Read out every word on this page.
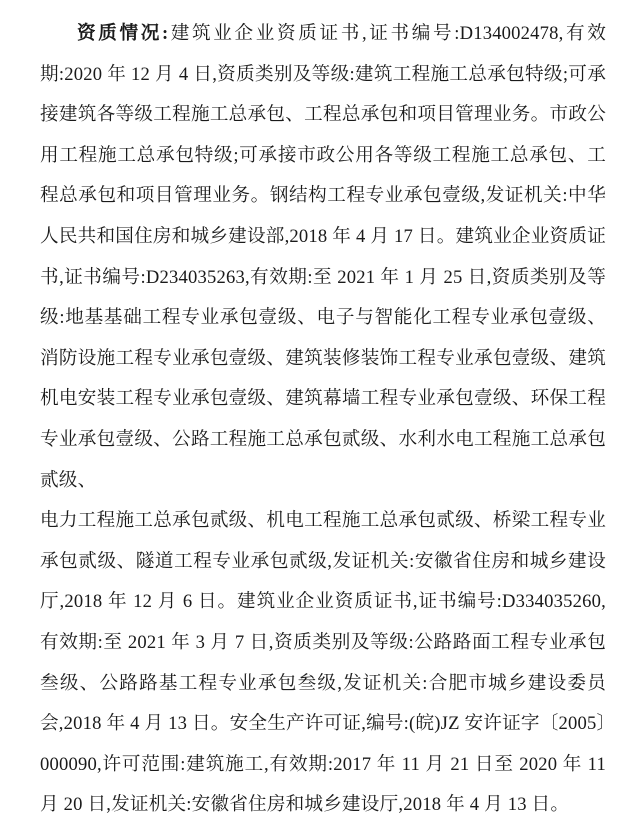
资质情况:建筑业企业资质证书,证书编号:D134002478,有效期:2020 年 12 月 4 日,资质类别及等级:建筑工程施工总承包特级;可承接建筑各等级工程施工总承包、工程总承包和项目管理业务。市政公用工程施工总承包特级;可承接市政公用各等级工程施工总承包、工程总承包和项目管理业务。钢结构工程专业承包壹级,发证机关:中华人民共和国住房和城乡建设部,2018 年 4 月 17 日。建筑业企业资质证书,证书编号:D234035263,有效期:至 2021 年 1 月 25 日,资质类别及等级:地基基础工程专业承包壹级、电子与智能化工程专业承包壹级、消防设施工程专业承包壹级、建筑装修装饰工程专业承包壹级、建筑机电安装工程专业承包壹级、建筑幕墙工程专业承包壹级、环保工程专业承包壹级、公路工程施工总承包贰级、水利水电工程施工总承包贰级、

电力工程施工总承包贰级、机电工程施工总承包贰级、桥梁工程专业承包贰级、隧道工程专业承包贰级,发证机关:安徽省住房和城乡建设厅,2018 年 12 月 6 日。建筑业企业资质证书,证书编号:D334035260,有效期:至 2021 年 3 月 7 日,资质类别及等级:公路路面工程专业承包叁级、公路路基工程专业承包叁级,发证机关:合肥市城乡建设委员会,2018 年 4 月 13 日。安全生产许可证,编号:(皖)JZ 安许证字〔2005〕000090,许可范围:建筑施工,有效期:2017 年 11 月 21 日至 2020 年 11 月 20 日,发证机关:安徽省住房和城乡建设厅,2018 年 4 月 13 日。
